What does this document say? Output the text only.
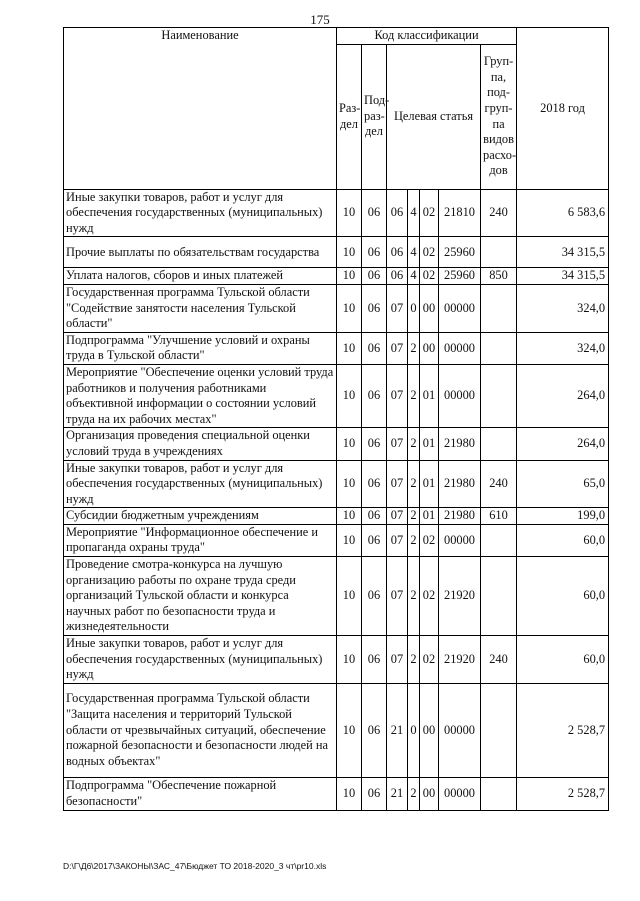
175
Наименование	Код классификации							2018 год
	Раз-дел	Под-раз-дел	Целевая статья				Груп-па, под-груп-па видов расхо-дов	
Иные закупки товаров, работ и услуг для обеспечения государственных (муниципальных) нужд	10	06	06	4	02	21810	240	6 583,6
Прочие выплаты по обязательствам государства	10	06	06	4	02	25960		34 315,5
Уплата налогов, сборов и иных платежей	10	06	06	4	02	25960	850	34 315,5
Государственная программа Тульской области "Содействие занятости населения Тульской области"	10	06	07	0	00	00000		324,0
Подпрограмма "Улучшение условий и охраны труда в Тульской области"	10	06	07	2	00	00000		324,0
Мероприятие "Обеспечение оценки условий труда работников и получения работниками объективной информации о состоянии условий труда на их рабочих местах"	10	06	07	2	01	00000		264,0
Организация проведения специальной оценки условий труда в учреждениях	10	06	07	2	01	21980		264,0
Иные закупки товаров, работ и услуг для обеспечения государственных (муниципальных) нужд	10	06	07	2	01	21980	240	65,0
Субсидии бюджетным учреждениям	10	06	07	2	01	21980	610	199,0
Мероприятие "Информационное обеспечение и пропаганда охраны труда"	10	06	07	2	02	00000		60,0
Проведение смотра-конкурса на лучшую организацию работы по охране труда среди организаций Тульской области и конкурса научных работ по безопасности труда и жизнедеятельности	10	06	07	2	02	21920		60,0
Иные закупки товаров, работ и услуг для обеспечения государственных (муниципальных) нужд	10	06	07	2	02	21920	240	60,0
Государственная программа Тульской области "Защита населения и территорий Тульской области от чрезвычайных ситуаций, обеспечение пожарной безопасности и безопасности людей на водных объектах"	10	06	21	0	00	00000		2 528,7
Подпрограмма "Обеспечение пожарной безопасности"	10	06	21	2	00	00000		2 528,7
D:\Г\Д6\2017\ЗАКОНЫ\ЗАС_47\Бюджет ТО 2018-2020_3 чт\pr10.xls
